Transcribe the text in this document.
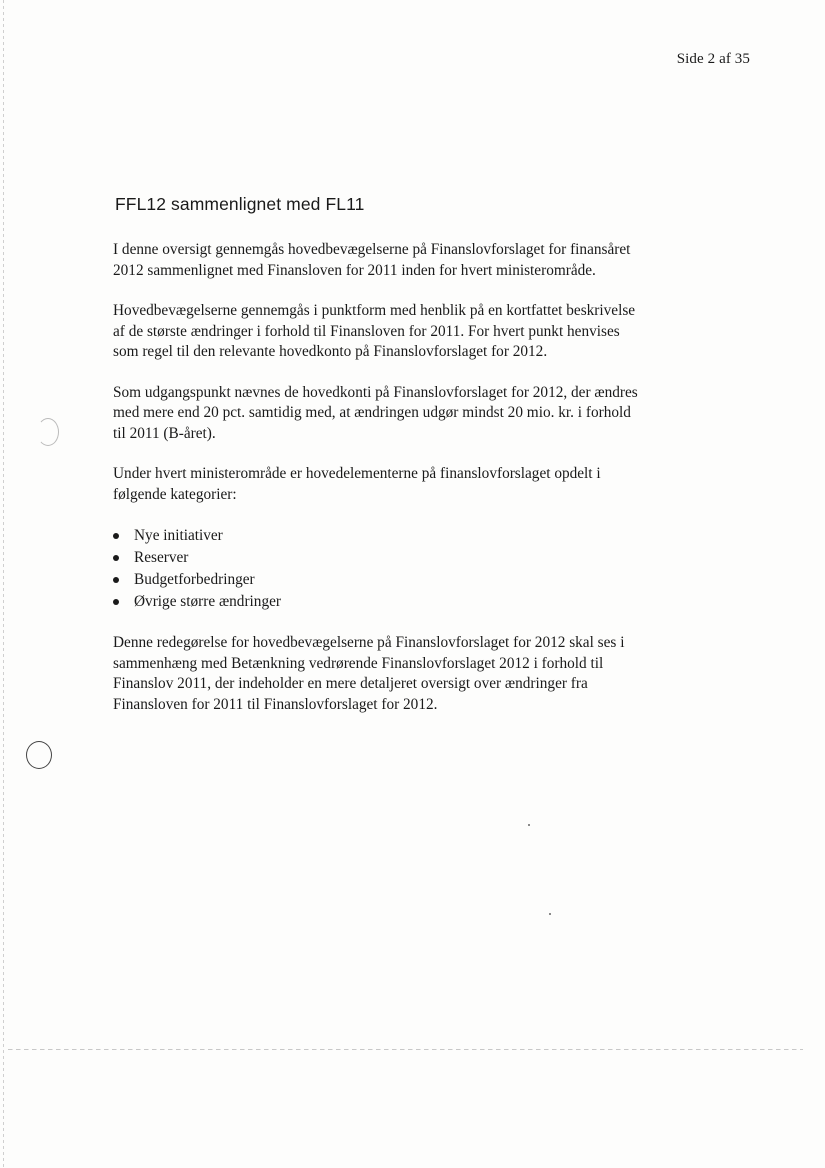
Side 2 af 35
FFL12 sammenlignet med FL11

I denne oversigt gennemgås hovedbevægelserne på Finanslovforslaget for finansåret 2012 sammenlignet med Finansloven for 2011 inden for hvert ministerområde.

Hovedbevægelserne gennemgås i punktform med henblik på en kortfattet beskrivelse af de største ændringer i forhold til Finansloven for 2011. For hvert punkt henvises som regel til den relevante hovedkonto på Finanslovforslaget for 2012.

Som udgangspunkt nævnes de hovedkonti på Finanslovforslaget for 2012, der ændres med mere end 20 pct. samtidig med, at ændringen udgør mindst 20 mio. kr. i forhold til 2011 (B-året).

Under hvert ministerområde er hovedelementerne på finanslovforslaget opdelt i følgende kategorier:

Nye initiativer
Reserver
Budgetforbedringer
Øvrige større ændringer

Denne redegørelse for hovedbevægelserne på Finanslovforslaget for 2012 skal ses i sammenhæng med Betænkning vedrørende Finanslovforslaget 2012 i forhold til Finanslov 2011, der indeholder en mere detaljeret oversigt over ændringer fra Finansloven for 2011 til Finanslovforslaget for 2012.
